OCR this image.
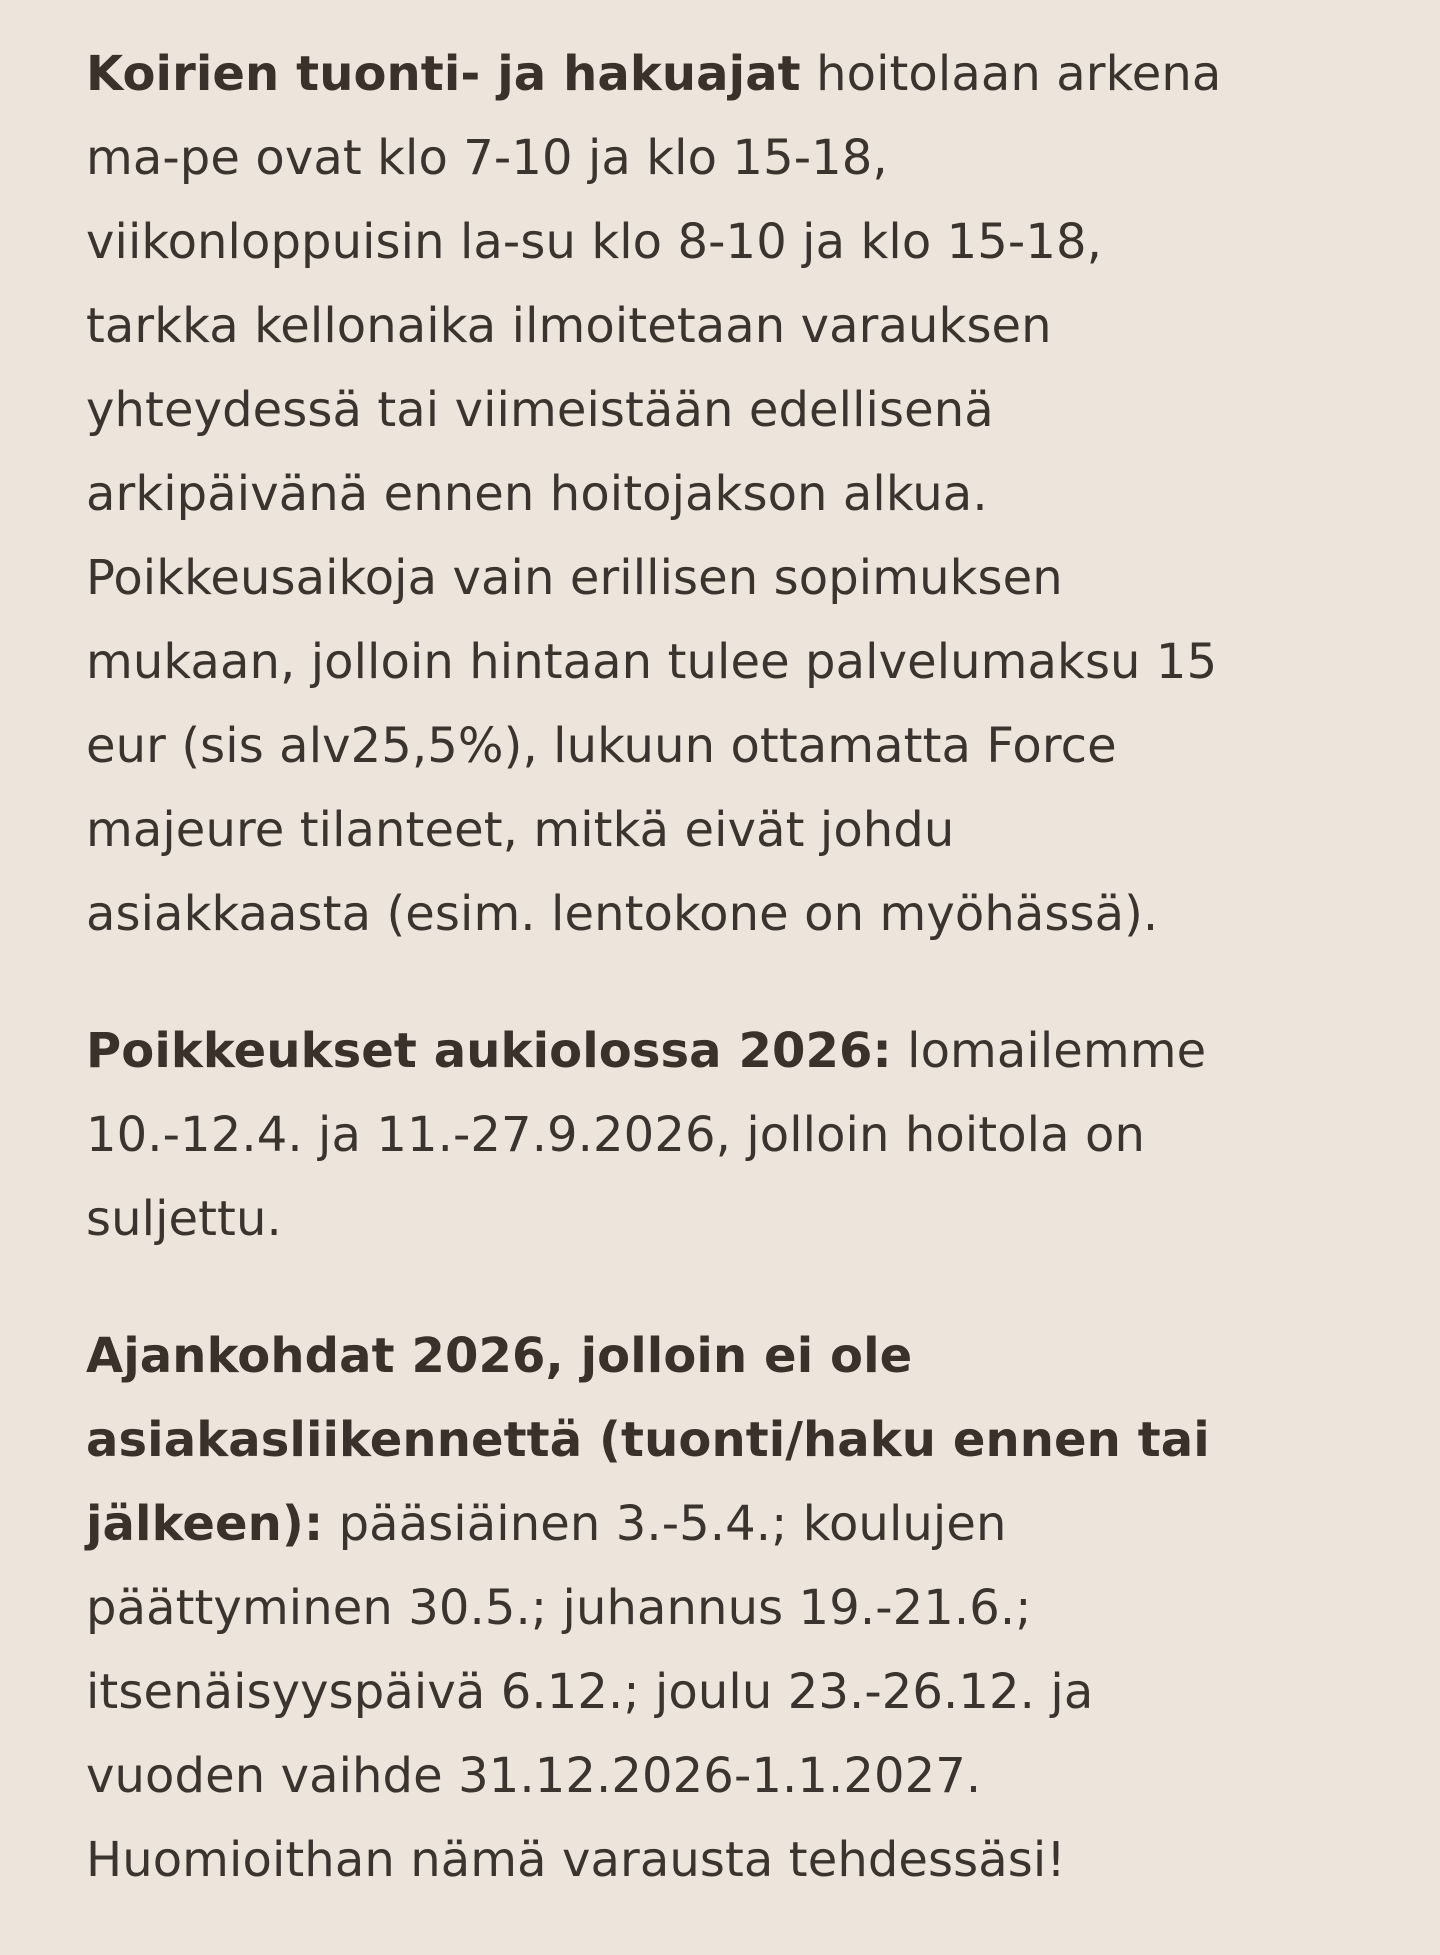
Koirien tuonti- ja hakuajat hoitolaan arkena
ma-pe ovat klo 7-10 ja klo 15-18,
viikonloppuisin la-su klo 8-10 ja klo 15-18,
tarkka kellonaika ilmoitetaan varauksen
yhteydessä tai viimeistään edellisenä
arkipäivänä ennen hoitojakson alkua.
Poikkeusaikoja vain erillisen sopimuksen
mukaan, jolloin hintaan tulee palvelumaksu 15
eur (sis alv25,5%), lukuun ottamatta Force
majeure tilanteet, mitkä eivät johdu
asiakkaasta (esim. lentokone on myöhässä).

Poikkeukset aukiolossa 2026: lomailemme
10.-12.4. ja 11.-27.9.2026, jolloin hoitola on
suljettu.

Ajankohdat 2026, jolloin ei ole
asiakasliikennettä (tuonti/haku ennen tai
jälkeen): pääsiäinen 3.-5.4.; koulujen
päättyminen 30.5.; juhannus 19.-21.6.;
itsenäisyyspäivä 6.12.; joulu 23.-26.12. ja
vuoden vaihde 31.12.2026-1.1.2027.
Huomioithan nämä varausta tehdessäsi!
